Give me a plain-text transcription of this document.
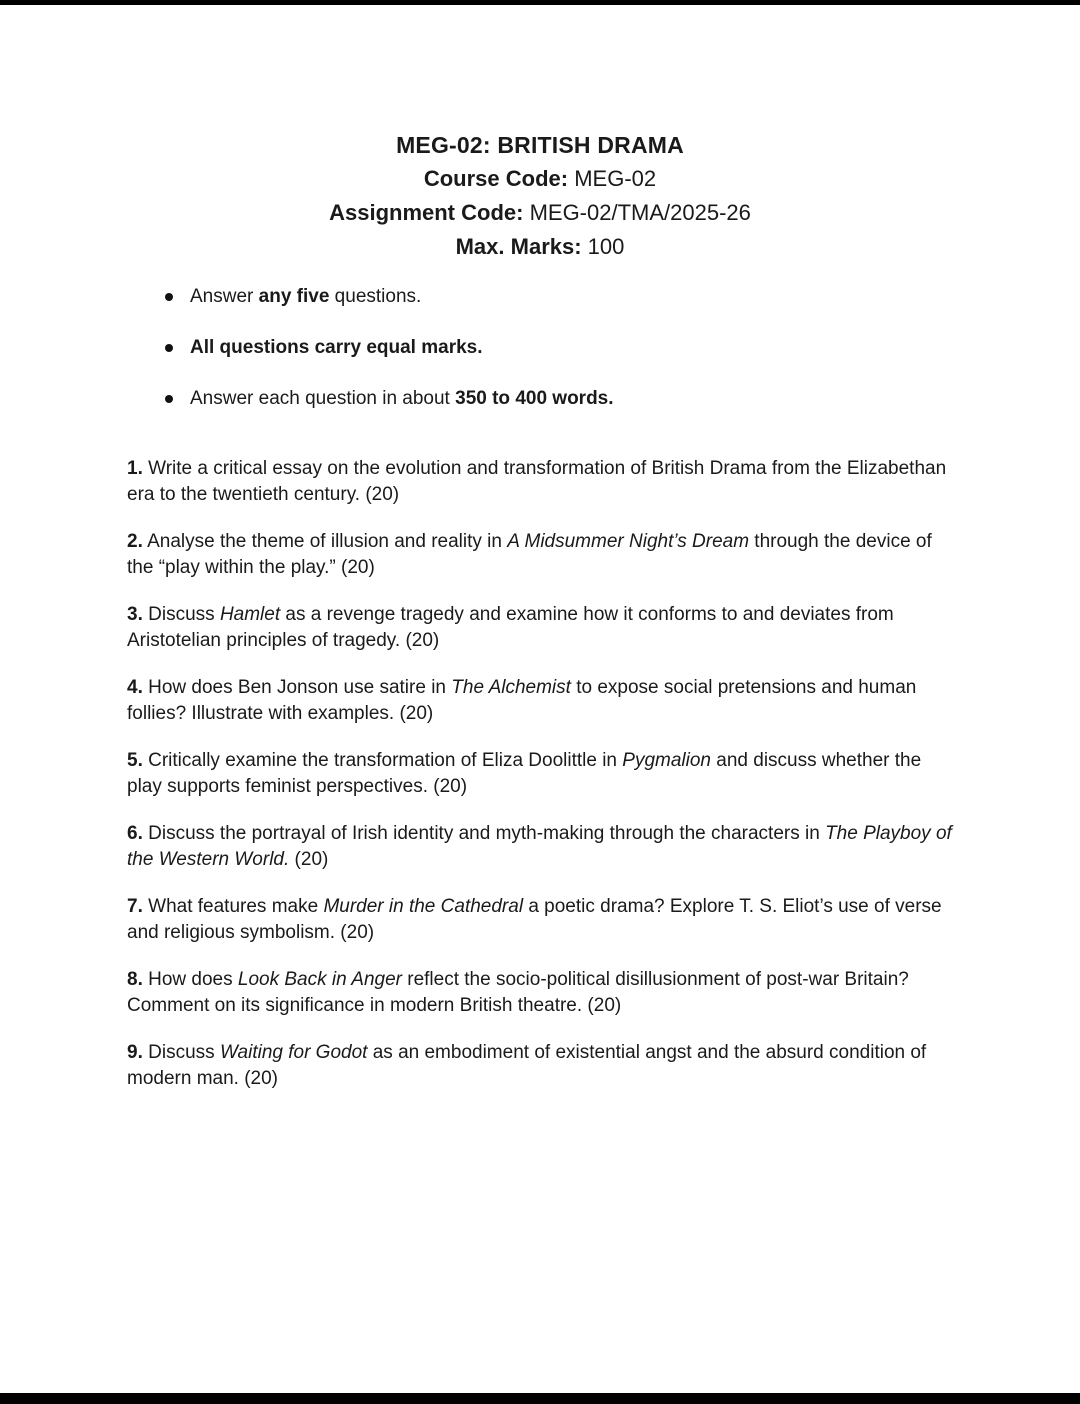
MEG-02: BRITISH DRAMA
Course Code: MEG-02
Assignment Code: MEG-02/TMA/2025-26
Max. Marks: 100
Answer any five questions.
All questions carry equal marks.
Answer each question in about 350 to 400 words.

1. Write a critical essay on the evolution and transformation of British Drama from the Elizabethan era to the twentieth century. (20)

2. Analyse the theme of illusion and reality in A Midsummer Night’s Dream through the device of the “play within the play.” (20)

3. Discuss Hamlet as a revenge tragedy and examine how it conforms to and deviates from Aristotelian principles of tragedy. (20)

4. How does Ben Jonson use satire in The Alchemist to expose social pretensions and human follies? Illustrate with examples. (20)

5. Critically examine the transformation of Eliza Doolittle in Pygmalion and discuss whether the play supports feminist perspectives. (20)

6. Discuss the portrayal of Irish identity and myth-making through the characters in The Playboy of the Western World. (20)

7. What features make Murder in the Cathedral a poetic drama? Explore T. S. Eliot’s use of verse and religious symbolism. (20)

8. How does Look Back in Anger reflect the socio-political disillusionment of post-war Britain? Comment on its significance in modern British theatre. (20)

9. Discuss Waiting for Godot as an embodiment of existential angst and the absurd condition of modern man. (20)
